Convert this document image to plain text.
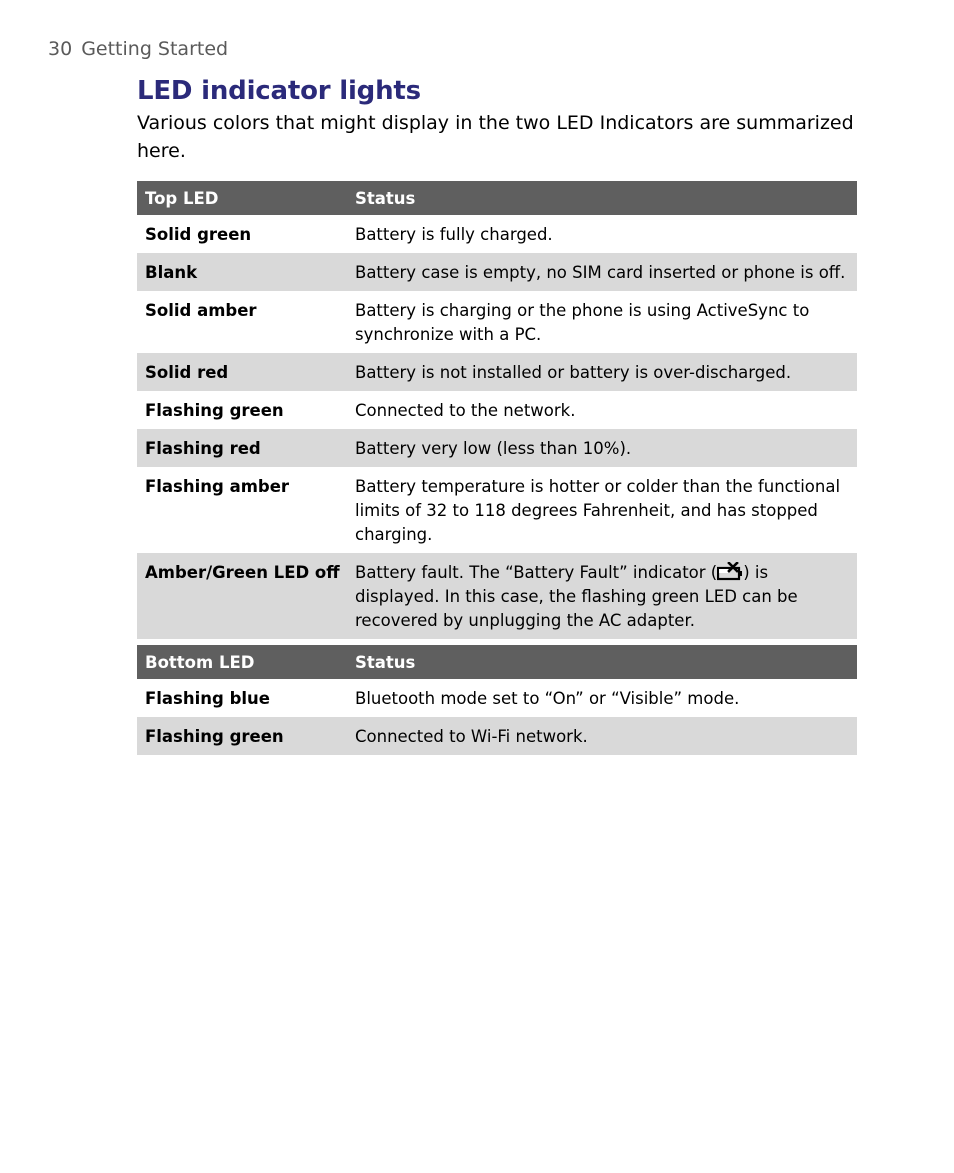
30 Getting Started
LED indicator lights

Various colors that might display in the two LED Indicators are summarized here.

Top LED	Status
Solid green	Battery is fully charged.
Blank	Battery case is empty, no SIM card inserted or phone is off.
Solid amber	Battery is charging or the phone is using ActiveSync to synchronize with a PC.
Solid red	Battery is not installed or battery is over-discharged.
Flashing green	Connected to the network.
Flashing red	Battery very low (less than 10%).
Flashing amber	Battery temperature is hotter or colder than the functional limits of 32 to 118 degrees Fahrenheit, and has stopped charging.
Amber/Green LED off	Battery fault. The “Battery Fault” indicator ( ) is displayed. In this case, the flashing green LED can be recovered by unplugging the AC adapter.
Bottom LED	Status
Flashing blue	Bluetooth mode set to “On” or “Visible” mode.
Flashing green	Connected to Wi-Fi network.
